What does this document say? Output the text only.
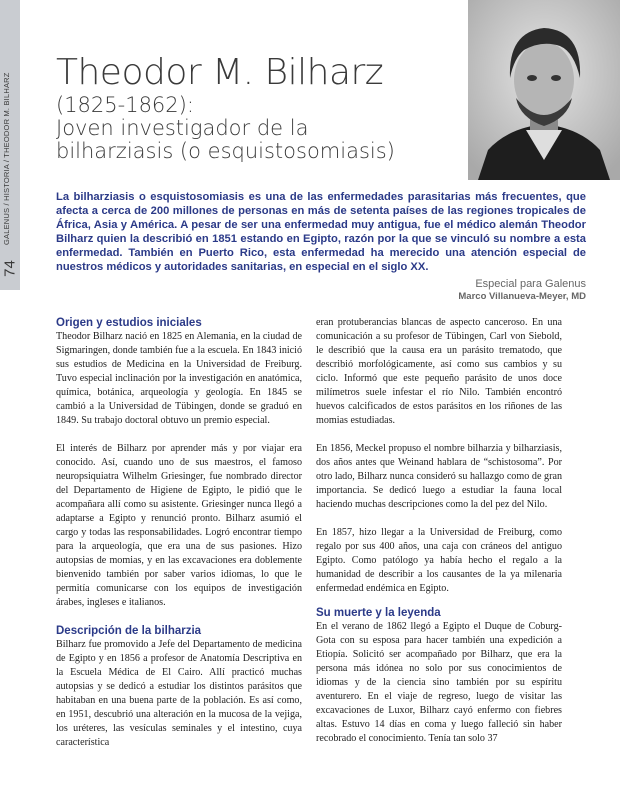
GALENUS / HISTORIA / THEODOR M. BILHARZ
74
Theodor M. Bilharz
(1825-1862):
Joven investigador de la
bilharziasis (o esquistosomiasis)
La bilharziasis o esquistosomiasis es una de las enfermedades parasitarias más frecuentes, que afecta a cerca de 200 millones de personas en más de setenta países de las regiones tropicales de África, Asia y América. A pesar de ser una enfermedad muy antigua, fue el médico alemán Theodor Bilharz quien la describió en 1851 estando en Egipto, razón por la que se vinculó su nombre a esta enfermedad. También en Puerto Rico, esta enfermedad ha merecido una atención especial de nuestros médicos y autoridades sanitarias, en especial en el siglo XX.
Especial para Galenus
Marco Villanueva-Meyer, MD
Origen y estudios iniciales

Theodor Bilharz nació en 1825 en Alemania, en la ciudad de Sigmaringen, donde también fue a la escuela. En 1843 inició sus estudios de Medicina en la Universidad de Freiburg. Tuvo especial inclinación por la investigación en anatómica, química, botánica, arqueología y geología. En 1845 se cambió a la Universidad de Tübingen, donde se graduó en 1849. Su trabajo doctoral obtuvo un premio especial.

El interés de Bilharz por aprender más y por viajar era conocido. Así, cuando uno de sus maestros, el famoso neuropsiquiatra Wilhelm Griesinger, fue nombrado director del Departamento de Higiene de Egipto, le pidió que le acompañara allí como su asistente. Griesinger nunca llegó a adaptarse a Egipto y renunció pronto. Bilharz asumió el cargo y todas las responsabilidades. Logró encontrar tiempo para la arqueología, que era una de sus pasiones. Hizo autopsias de momias, y en las excavaciones era doblemente bienvenido también por saber varios idiomas, lo que le permitía comunicarse con los equipos de investigación árabes, ingleses e italianos.

Descripción de la bilharzia

Bilharz fue promovido a Jefe del Departamento de medicina de Egipto y en 1856 a profesor de Anatomía Descriptiva en la Escuela Médica de El Cairo. Allí practicó muchas autopsias y se dedicó a estudiar los distintos parásitos que habitaban en una buena parte de la población. Es así como, en 1951, descubrió una alteración en la mucosa de la vejiga, los uréteres, las vesículas seminales y el intestino, cuya característica

eran protuberancias blancas de aspecto canceroso. En una comunicación a su profesor de Tübingen, Carl von Siebold, le describió que la causa era un parásito trematodo, que describió morfológicamente, así como sus cambios y su ciclo. Informó que este pequeño parásito de unos doce milímetros suele infestar el río Nilo. También encontró huevos calcificados de estos parásitos en los riñones de las momias estudiadas.

En 1856, Meckel propuso el nombre bilharzia y bilharziasis, dos años antes que Weinand hablara de “schistosoma”. Por otro lado, Bilharz nunca consideró su hallazgo como de gran importancia. Se dedicó luego a estudiar la fauna local haciendo muchas descripciones como la del pez del Nilo.

En 1857, hizo llegar a la Universidad de Freiburg, como regalo por sus 400 años, una caja con cráneos del antiguo Egipto. Como patólogo ya había hecho el regalo a la humanidad de describir a los causantes de la ya milenaria enfermedad endémica en Egipto.

Su muerte y la leyenda

En el verano de 1862 llegó a Egipto el Duque de Coburg-Gota con su esposa para hacer también una expedición a Etiopía. Solicitó ser acompañado por Bilharz, que era la persona más idónea no solo por sus conocimientos de idiomas y de la ciencia sino también por su espíritu aventurero. En el viaje de regreso, luego de visitar las excavaciones de Luxor, Bilharz cayó enfermo con fiebres altas. Estuvo 14 días en coma y luego falleció sin haber recobrado el conocimiento. Tenía tan solo 37
